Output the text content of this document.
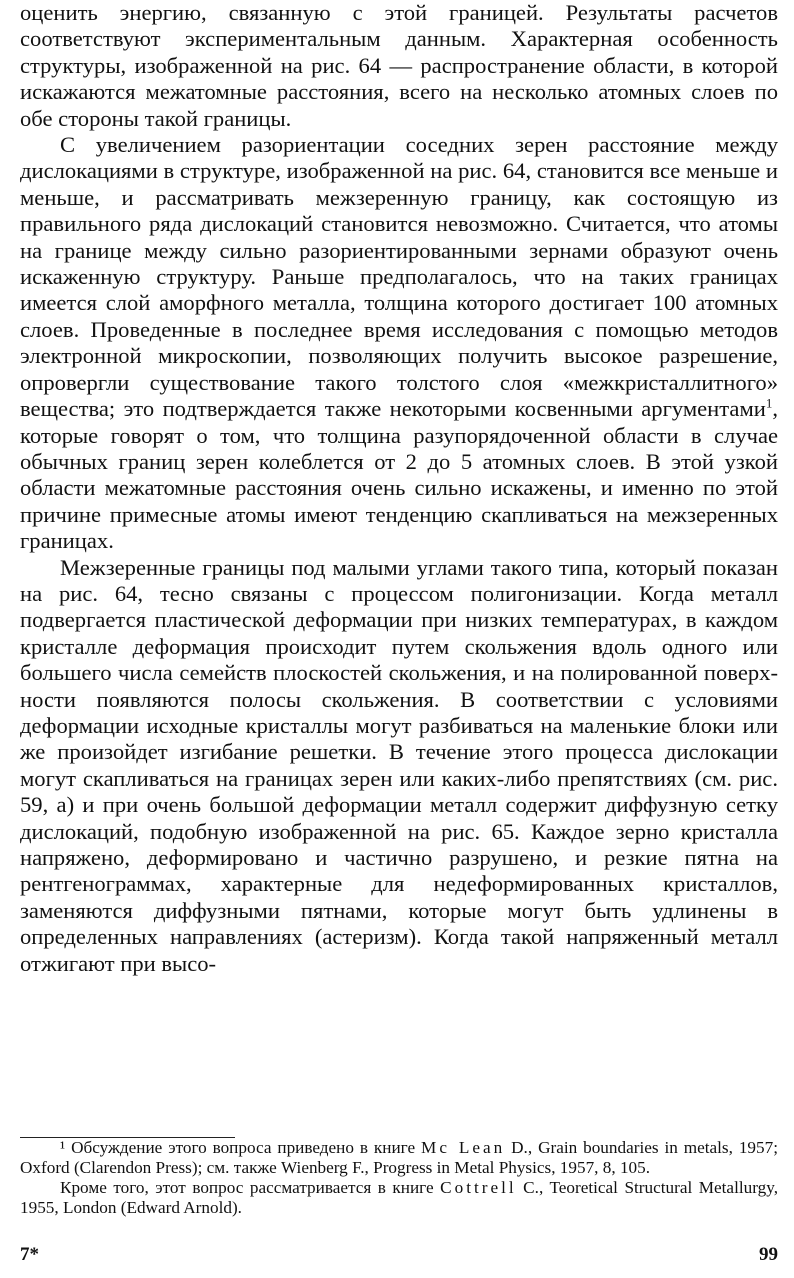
оценить энергию, связанную с этой границей. Результаты расчетов соответствуют экспериментальным данным. Характерная особенность структуры, изображенной на рис. 64 — распространение области, в которой искажаются межатомные расстояния, всего на несколько атомных слоев по обе стороны такой границы.

С увеличением разориентации соседних зерен расстояние между дислокациями в структуре, изображенной на рис. 64, становится все меньше и меньше, и рассматривать межзеренную границу, как состоящую из правильного ряда дислокаций становится невозможно. Считается, что атомы на границе между сильно разориентированными зернами образуют очень искаженную структуру. Раньше предполагалось, что на таких границах имеется слой аморфного металла, толщина которого достигает 100 атомных слоев. Проведенные в последнее время исследования с помощью методов электронной микроскопии, позволяющих получить высокое разрешение, опровергли существование такого толстого слоя «межкристаллитного» вещества; это подтверждается также некоторыми косвенными аргументами$^1$, которые говорят о том, что толщина разупорядоченной области в случае обычных границ зерен колеблется от 2 до 5 атомных слоев. В этой узкой области межатомные расстояния очень сильно искажены, и именно по этой причине примесные атомы имеют тенденцию скапливаться на межзеренных границах.

Межзеренные границы под малыми углами такого типа, который показан на рис. 64, тесно связаны с процессом полигонизации. Когда металл подвергается пластической деформации при низких температурах, в каждом кристалле деформация происходит путем скольжения вдоль одного или большего числа семейств плоскостей скольжения, и на полированной поверхности появляются полосы скольжения. В соответствии с условиями деформации исходные кристаллы могут разбиваться на маленькие блоки или же произойдет изгибание решетки. В течение этого процесса дислокации могут скапливаться на границах зерен или каких-либо препятствиях (см. рис. 59, а) и при очень большой деформации металл содержит диффузную сетку дислокаций, подобную изображенной на рис. 65. Каждое зерно кристалла напряжено, деформировано и частично разрушено, и резкие пятна на рентгенограммах, характерные для недеформированных кристаллов, заменяются диффузными пятнами, которые могут быть удлинены в определенных направлениях (астеризм). Когда такой напряженный металл отжигают при высо-

¹ Обсуждение этого вопроса приведено в книге Mc Lean D., Grain boundaries in metals, 1957; Oxford (Clarendon Press); см. также Wienberg F., Progress in Metal Physics, 1957, 8, 105.

Кроме того, этот вопрос рассматривается в книге Cottrell C., Teoretical Structural Metallurgy, 1955, London (Edward Arnold).

7*	99
